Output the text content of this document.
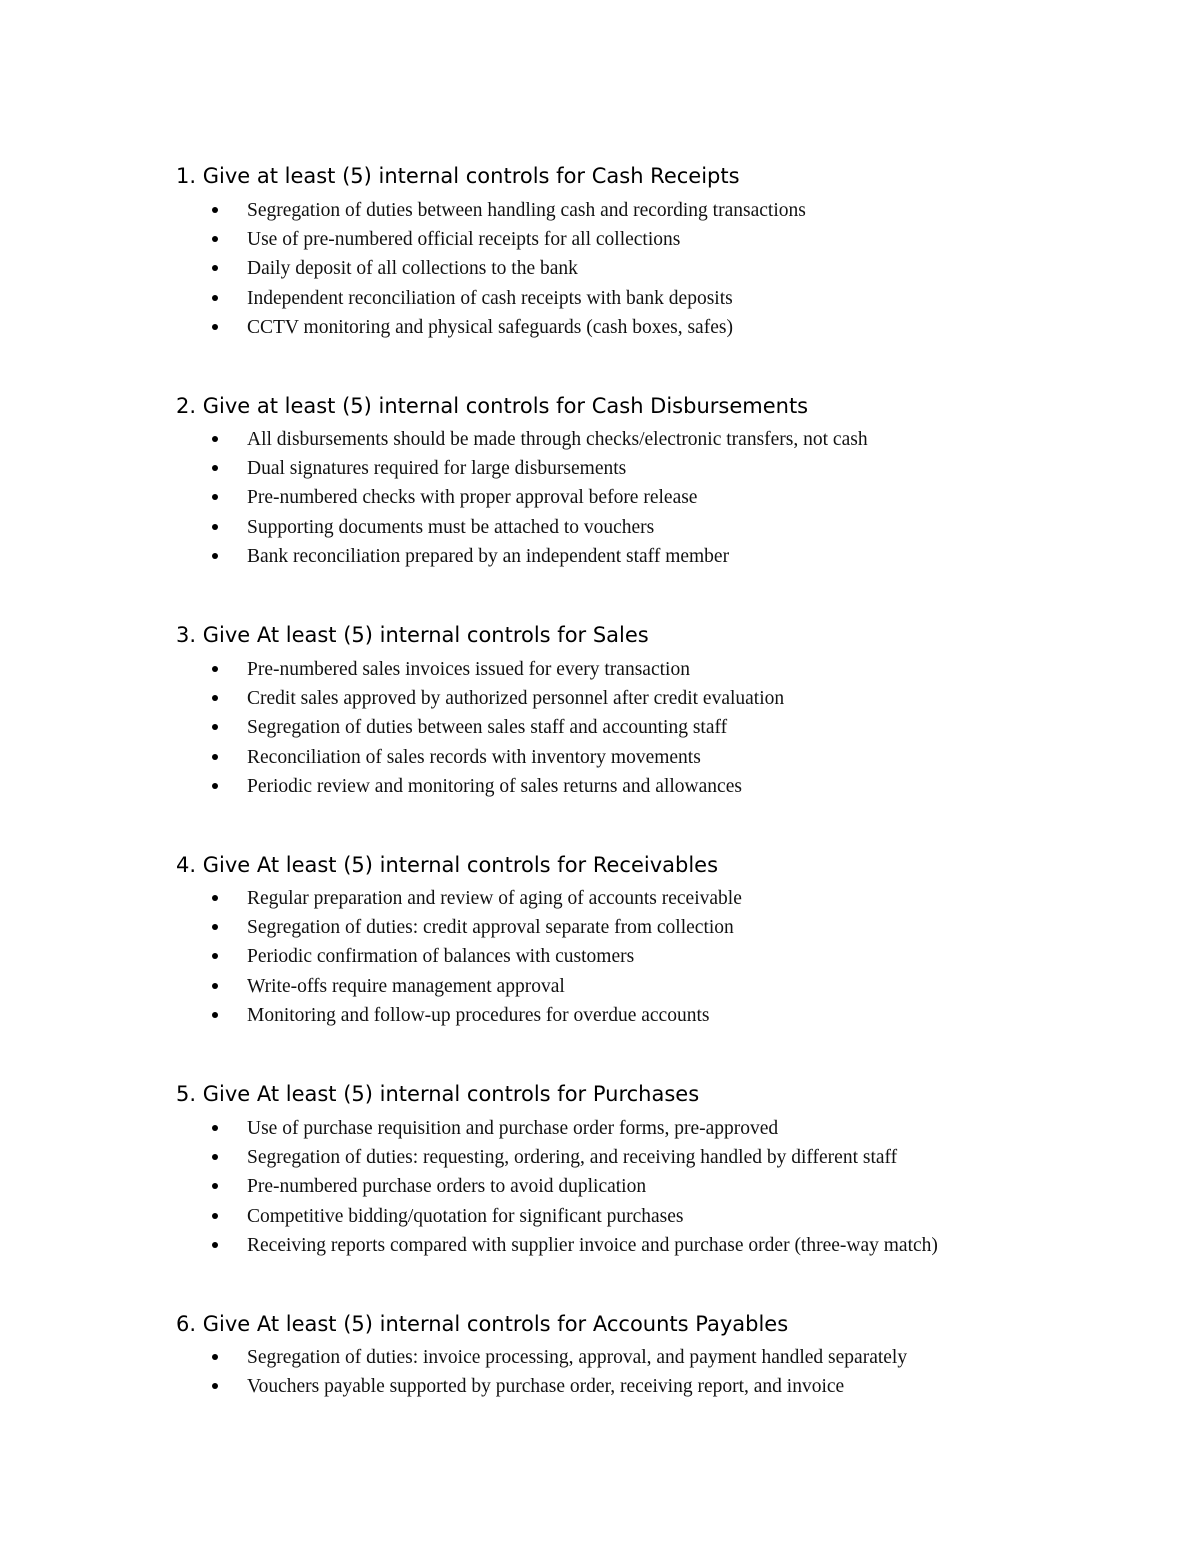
1. Give at least (5) internal controls for Cash Receipts
Segregation of duties between handling cash and recording transactions
Use of pre-numbered official receipts for all collections
Daily deposit of all collections to the bank
Independent reconciliation of cash receipts with bank deposits
CCTV monitoring and physical safeguards (cash boxes, safes)
2. Give at least (5) internal controls for Cash Disbursements
All disbursements should be made through checks/electronic transfers, not cash
Dual signatures required for large disbursements
Pre-numbered checks with proper approval before release
Supporting documents must be attached to vouchers
Bank reconciliation prepared by an independent staff member
3. Give At least (5) internal controls for Sales
Pre-numbered sales invoices issued for every transaction
Credit sales approved by authorized personnel after credit evaluation
Segregation of duties between sales staff and accounting staff
Reconciliation of sales records with inventory movements
Periodic review and monitoring of sales returns and allowances
4. Give At least (5) internal controls for Receivables
Regular preparation and review of aging of accounts receivable
Segregation of duties: credit approval separate from collection
Periodic confirmation of balances with customers
Write-offs require management approval
Monitoring and follow-up procedures for overdue accounts
5. Give At least (5) internal controls for Purchases
Use of purchase requisition and purchase order forms, pre-approved
Segregation of duties: requesting, ordering, and receiving handled by different staff
Pre-numbered purchase orders to avoid duplication
Competitive bidding/quotation for significant purchases
Receiving reports compared with supplier invoice and purchase order (three-way match)
6. Give At least (5) internal controls for Accounts Payables
Segregation of duties: invoice processing, approval, and payment handled separately
Vouchers payable supported by purchase order, receiving report, and invoice
